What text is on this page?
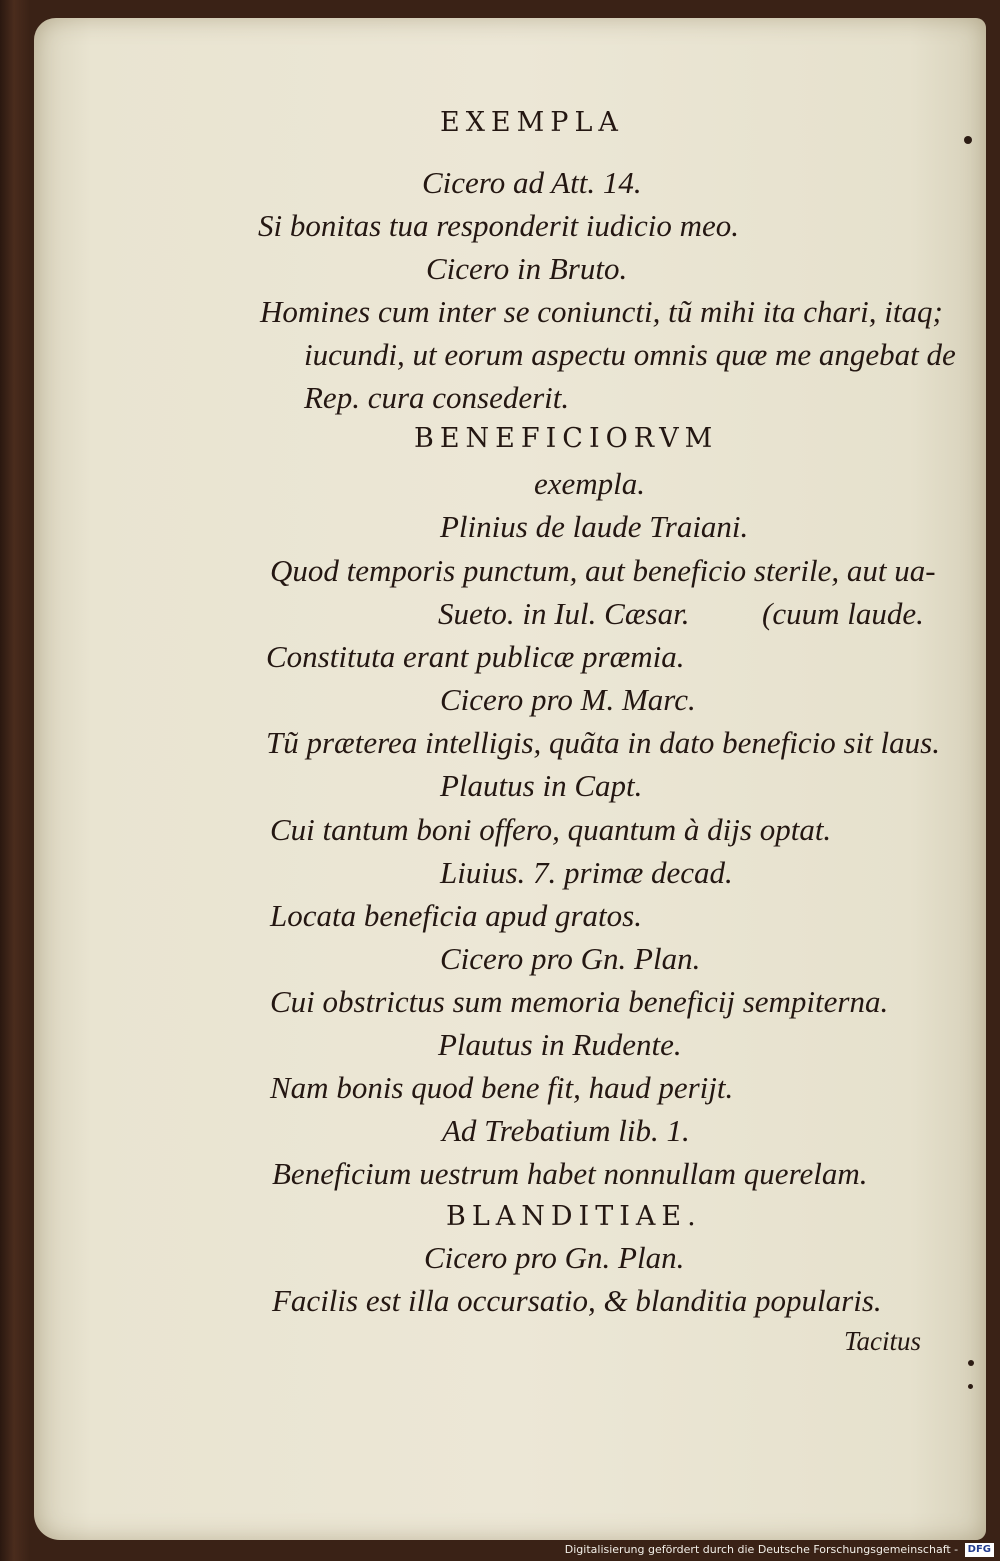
EXEMPLA
Cicero ad Att. 14.
Si bonitas tua responderit iudicio meo.
Cicero in Bruto.
Homines cum inter se coniuncti, tũ mihi ita chari, itaq;
iucundi, ut eorum aspectu omnis quæ me angebat de
Rep. cura consederit.
BENEFICIORVM
exempla.
Plinius de laude Traiani.
Quod temporis punctum, aut beneficio sterile, aut ua-
Sueto. in Iul. Cæsar. (cuum laude.
Constituta erant publicæ præmia.
Cicero pro M. Marc.
Tũ præterea intelligis, quãta in dato beneficio sit laus.
Plautus in Capt.
Cui tantum boni offero, quantum à dijs optat.
Liuius. 7. primæ decad.
Locata beneficia apud gratos.
Cicero pro Gn. Plan.
Cui obstrictus sum memoria beneficij sempiterna.
Plautus in Rudente.
Nam bonis quod bene fit, haud perijt.
Ad Trebatium lib. 1.
Beneficium uestrum habet nonnullam querelam.
BLANDITIAE.
Cicero pro Gn. Plan.
Facilis est illa occursatio, & blanditia popularis.
Tacitus
Digitalisierung gefördert durch die Deutsche Forschungsgemeinschaft - DFG
